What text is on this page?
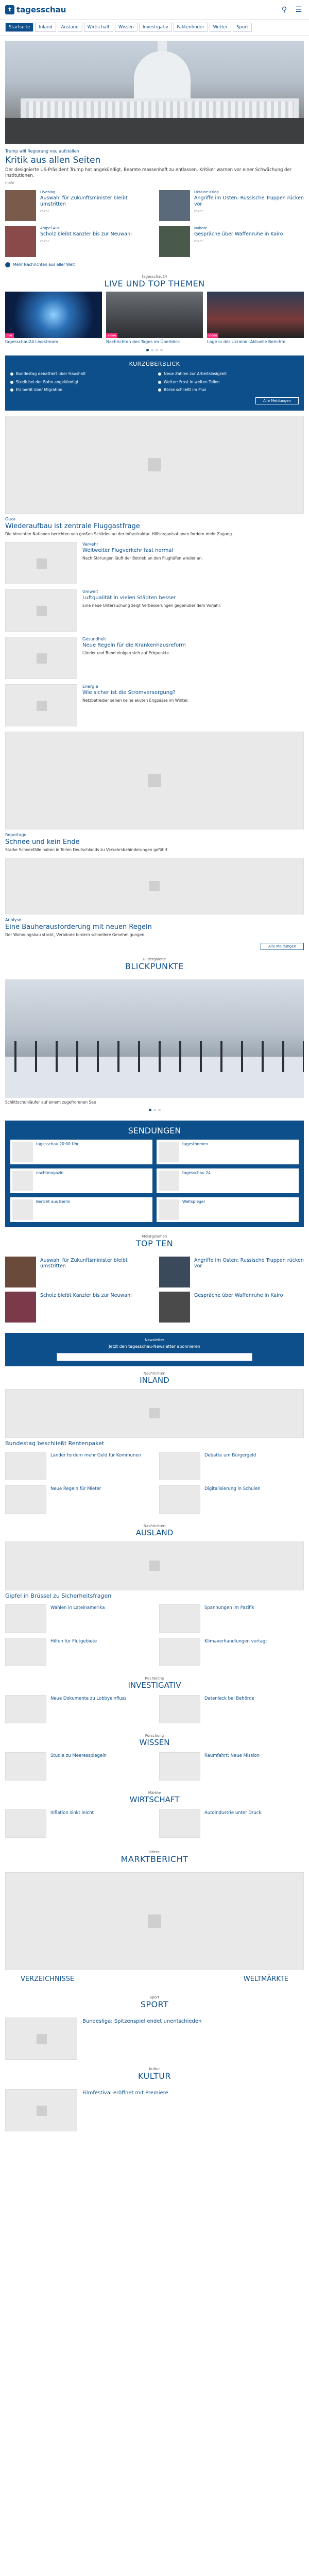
t tagesschau	⚲	☰
Startseite	Inland	Ausland	Wirtschaft	Wissen	Investigativ	Faktenfinder	Wetter	Sport
Trump will Regierung neu aufstellen
Kritik aus allen Seiten
Der designierte US-Präsident Trump hat angekündigt, Beamte massenhaft zu entlassen. Kritiker warnen vor einer Schwächung der Institutionen.
mehr
Liveblog
Auswahl für Zukunftsminister bleibt umstritten
mehr
Ukraine-Krieg
Angriffe im Osten: Russische Truppen rücken vor
mehr
Ampel-Aus
Scholz bleibt Kanzler bis zur Neuwahl
mehr
Nahost
Gespräche über Waffenruhe in Kairo
mehr
Mehr Nachrichten aus aller Welt
tagesschau24
LIVE UND TOP THEMEN
live
tagesschau24 Livestream
video
Nachrichten des Tages im Überblick
video
Lage in der Ukraine: Aktuelle Berichte
KURZÜBERBLICK
Bundestag debattiert über Haushalt	Neue Zahlen zur Arbeitslosigkeit
Streik bei der Bahn angekündigt	Wetter: Frost in weiten Teilen
EU berät über Migration	Börse schließt im Plus
Alle Meldungen
Gaza
Wiederaufbau ist zentrale Fluggastfrage
Die Vereinten Nationen berichten von großen Schäden an der Infrastruktur. Hilfsorganisationen fordern mehr Zugang.
Verkehr
Weltweiter Flugverkehr fast normal
Nach Störungen läuft der Betrieb an den Flughäfen wieder an.
Umwelt
Luftqualität in vielen Städten besser
Eine neue Untersuchung zeigt Verbesserungen gegenüber dem Vorjahr.
Gesundheit
Neue Regeln für die Krankenhausreform
Länder und Bund einigen sich auf Eckpunkte.
Energie
Wie sicher ist die Stromversorgung?
Netzbetreiber sehen keine akuten Engpässe im Winter.
Reportage
Schnee und kein Ende
Starke Schneefälle haben in Teilen Deutschlands zu Verkehrsbehinderungen geführt.
Analyse
Eine Bauherausforderung mit neuen Regeln
Der Wohnungsbau stockt, Verbände fordern schnellere Genehmigungen.
Alle Meldungen
Bildergalerie
BLICKPUNKTE
Schlittschuhläufer auf einem zugefrorenen See
SENDUNGEN
tagesschau 20:00 Uhr	tagesthemen
nachtmagazin	tagesschau 24
Bericht aus Berlin	Weltspiegel
Meistgesehen
TOP TEN
Auswahl für Zukunftsminister bleibt umstritten
Angriffe im Osten: Russische Truppen rücken vor
Scholz bleibt Kanzler bis zur Neuwahl	Gespräche über Waffenruhe in Kairo
Newsletter
Jetzt den tagesschau-Newsletter abonnieren
Nachrichten
INLAND
Bundestag beschließt Rentenpaket
Länder fordern mehr Geld für Kommunen	Debatte um Bürgergeld
Neue Regeln für Mieter	Digitalisierung in Schulen
Nachrichten
AUSLAND
Gipfel in Brüssel zu Sicherheitsfragen
Wahlen in Lateinamerika	Spannungen im Pazifik
Hilfen für Flutgebiete	Klimaverhandlungen vertagt
Recherche
INVESTIGATIV
Neue Dokumente zu Lobbyeinfluss	Datenleck bei Behörde
Forschung
WISSEN
Studie zu Meeresspiegeln	Raumfahrt: Neue Mission
Märkte
WIRTSCHAFT
Inflation sinkt leicht	Autoindustrie unter Druck
Börse
MARKTBERICHT
VERZEICHNISSE	WELTMÄRKTE
Sport
SPORT
Bundesliga: Spitzenspiel endet unentschieden
Kultur
KULTUR
Filmfestival eröffnet mit Premiere
